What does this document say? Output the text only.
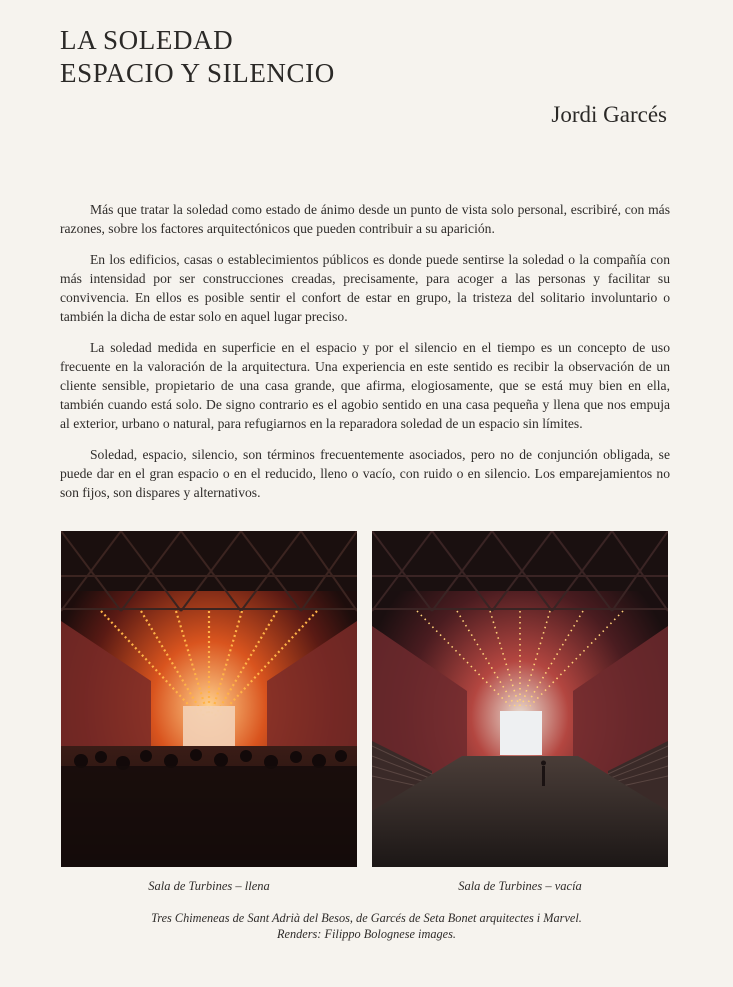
LA SOLEDAD
ESPACIO Y SILENCIO
Jordi Garcés

Más que tratar la soledad como estado de ánimo desde un punto de vista solo personal, escribiré, con más razones, sobre los factores arquitectónicos que pueden contribuir a su aparición.

En los edificios, casas o establecimientos públicos es donde puede sentirse la soledad o la compañía con más intensidad por ser construcciones creadas, precisamente, para acoger a las personas y facilitar su convivencia. En ellos es posible sentir el confort de estar en grupo, la tristeza del solitario involuntario o también la dicha de estar solo en aquel lugar preciso.

La soledad medida en superficie en el espacio y por el silencio en el tiempo es un concepto de uso frecuente en la valoración de la arquitectura. Una experiencia en este sentido es recibir la observación de un cliente sensible, propietario de una casa grande, que afirma, elogiosamente, que se está muy bien en ella, también cuando está solo. De signo contrario es el agobio sentido en una casa pequeña y llena que nos empuja al exterior, urbano o natural, para refugiarnos en la reparadora soledad de un espacio sin límites.

Soledad, espacio, silencio, son términos frecuentemente asociados, pero no de conjunción obligada, se puede dar en el gran espacio o en el reducido, lleno o vacío, con ruido o en silencio. Los emparejamientos no son fijos, son dispares y alternativos.

Sala de Turbines – llena	Sala de Turbines – vacía
Tres Chimeneas de Sant Adrià del Besos, de Garcés de Seta Bonet arquitectes i Marvel.
Renders: Filippo Bolognese images.
